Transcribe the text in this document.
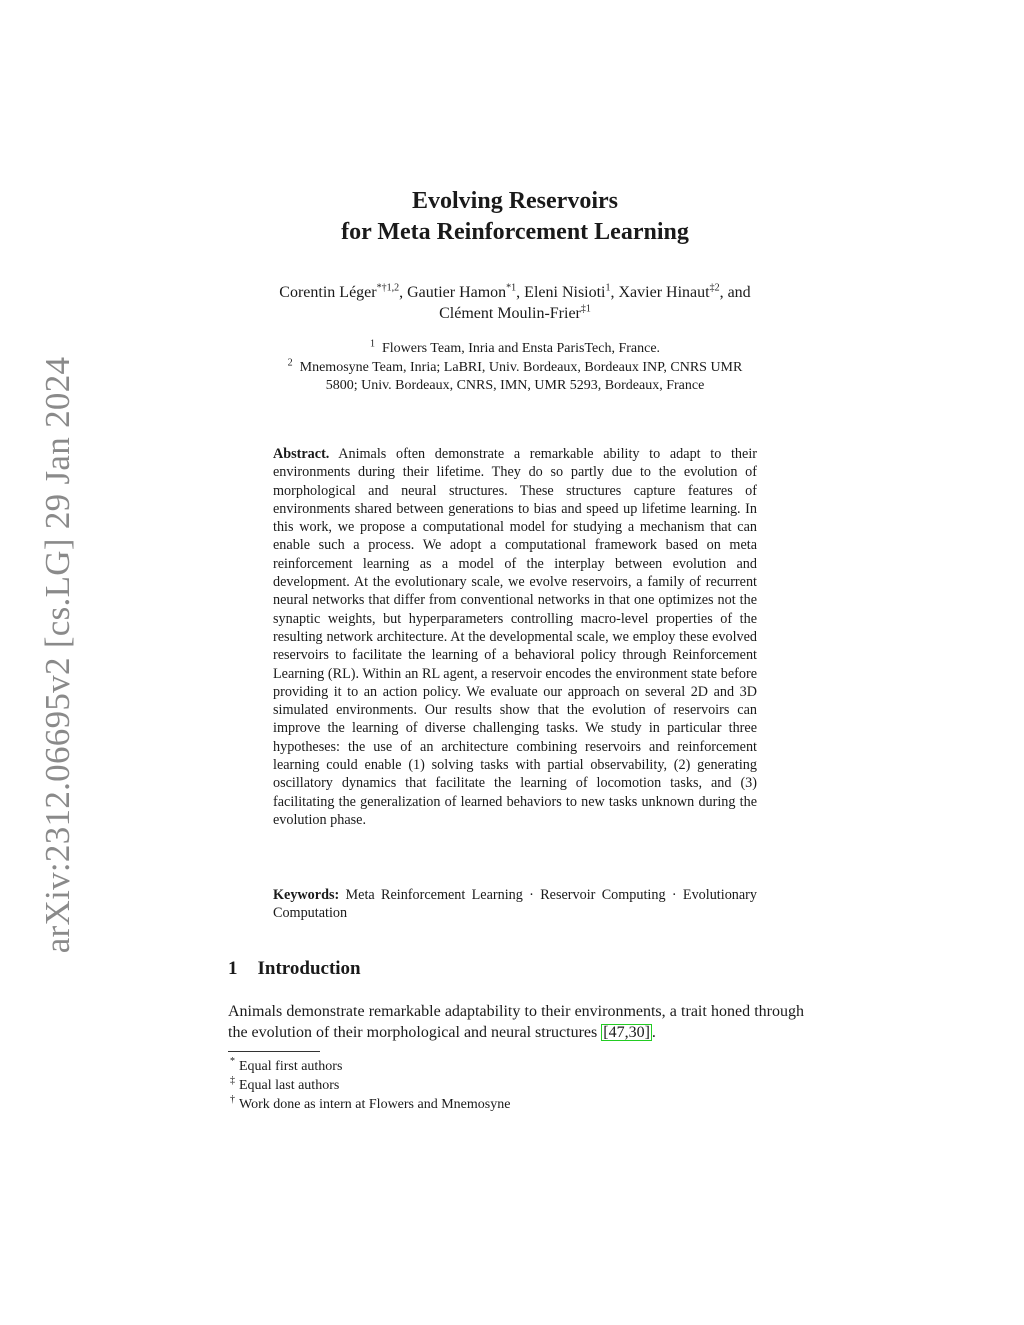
arXiv:2312.06695v2 [cs.LG] 29 Jan 2024
Evolving Reservoirs
for Meta Reinforcement Learning
Corentin Léger$^{*\dagger 1,2}$, Gautier Hamon$^{*1}$, Eleni Nisioti$^1$, Xavier Hinaut$^{\ddagger 2}$, and
Clément Moulin-Frier$^{\ddagger 1}$
$^1$ Flowers Team, Inria and Ensta ParisTech, France.
$^2$ Mnemosyne Team, Inria; LaBRI, Univ. Bordeaux, Bordeaux INP, CNRS UMR
5800; Univ. Bordeaux, CNRS, IMN, UMR 5293, Bordeaux, France
Abstract. Animals often demonstrate a remarkable ability to adapt to their environments during their lifetime. They do so partly due to the evolution of morphological and neural structures. These structures capture features of environments shared between generations to bias and speed up lifetime learning. In this work, we propose a computational model for studying a mechanism that can enable such a process. We adopt a computational framework based on meta reinforcement learning as a model of the interplay between evolution and development. At the evolutionary scale, we evolve reservoirs, a family of recurrent neural networks that differ from conventional networks in that one optimizes not the synaptic weights, but hyperparameters controlling macro-level properties of the resulting network architecture. At the developmental scale, we employ these evolved reservoirs to facilitate the learning of a behavioral policy through Reinforcement Learning (RL). Within an RL agent, a reservoir encodes the environment state before providing it to an action policy. We evaluate our approach on several 2D and 3D simulated environments. Our results show that the evolution of reservoirs can improve the learning of diverse challenging tasks. We study in particular three hypotheses: the use of an architecture combining reservoirs and reinforcement learning could enable (1) solving tasks with partial observability, (2) generating oscillatory dynamics that facilitate the learning of locomotion tasks, and (3) facilitating the generalization of learned behaviors to new tasks unknown during the evolution phase.
Keywords: Meta Reinforcement Learning · Reservoir Computing · Evolutionary Computation
1 Introduction
Animals demonstrate remarkable adaptability to their environments, a trait honed through the evolution of their morphological and neural structures [47,30] .
* Equal first authors
‡ Equal last authors
† Work done as intern at Flowers and Mnemosyne
